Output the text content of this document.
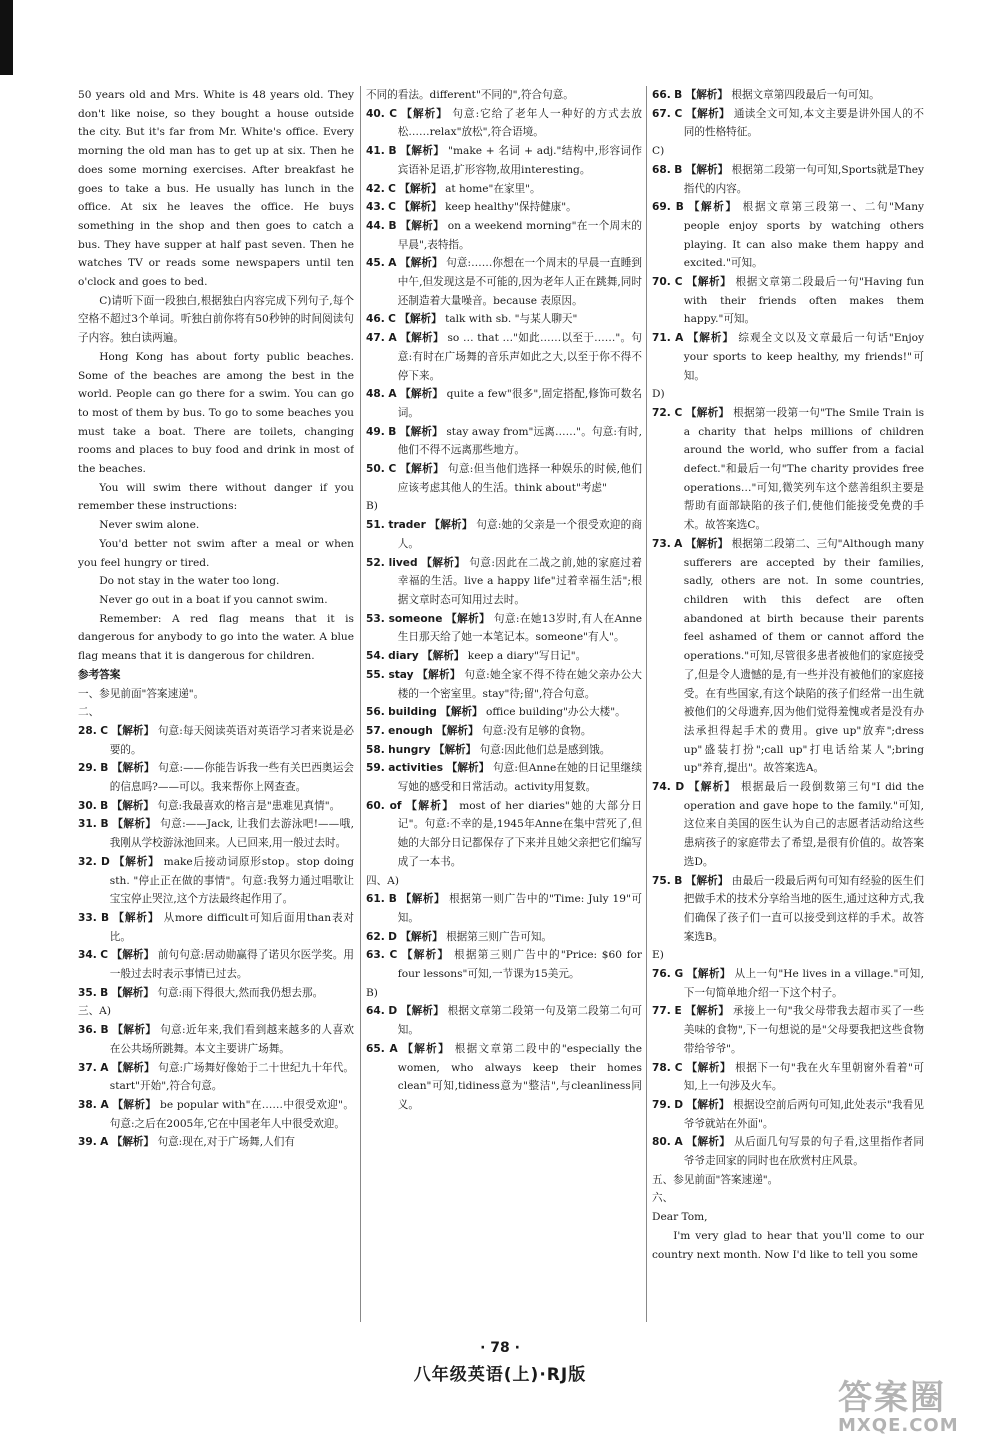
50 years old and Mrs. White is 48 years old. They don't like noise, so they bought a house outside the city. But it's far from Mr. White's office. Every morning the old man has to get up at six. Then he does some morning exercises. After breakfast he goes to take a bus. He usually has lunch in the office. At six he leaves the office. He buys something in the shop and then goes to catch a bus. They have supper at half past seven. Then he watches TV or reads some newspapers until ten o'clock and goes to bed.

C)请听下面一段独白,根据独白内容完成下列句子,每个空格不超过3个单词。听独白前你将有50秒钟的时间阅读句子内容。独白读两遍。

Hong Kong has about forty public beaches. Some of the beaches are among the best in the world. People can go there for a swim. You can go to most of them by bus. To go to some beaches you must take a boat. There are toilets, changing rooms and places to buy food and drink in most of the beaches.

You will swim there without danger if you remember these instructions:

Never swim alone.

You'd better not swim after a meal or when you feel hungry or tired.

Do not stay in the water too long.

Never go out in a boat if you cannot swim.

Remember: A red flag means that it is dangerous for anybody to go into the water. A blue flag means that it is dangerous for children.

参考答案

一、参见前面"答案速递"。

二、

28. C 【解析】 句意:每天阅读英语对英语学习者来说是必要的。

29. B 【解析】 句意:——你能告诉我一些有关巴西奥运会的信息吗?——可以。我来帮你上网查查。

30. B 【解析】 句意:我最喜欢的格言是"患难见真情"。

31. B 【解析】 句意:——Jack, 让我们去游泳吧!——哦,我刚从学校游泳池回来。人已回来,用一般过去时。

32. D 【解析】 make后接动词原形stop。stop doing sth. "停止正在做的事情"。句意:我努力通过唱歌让宝宝停止哭泣,这个方法最终起作用了。

33. B 【解析】 从more difficult可知后面用than表对比。

34. C 【解析】 前句句意:居动勋赢得了诺贝尔医学奖。用一般过去时表示事情已过去。

35. B 【解析】 句意:雨下得很大,然而我仍想去那。

三、A)

36. B 【解析】 句意:近年来,我们看到越来越多的人喜欢在公共场所跳舞。本文主要讲广场舞。

37. A 【解析】 句意:广场舞好像始于二十世纪九十年代。start"开始",符合句意。

38. A 【解析】 be popular with"在……中很受欢迎"。句意:之后在2005年,它在中国老年人中很受欢迎。

39. A 【解析】 句意:现在,对于广场舞,人们有

不同的看法。different"不同的",符合句意。

40. C 【解析】 句意:它给了老年人一种好的方式去放松……relax"放松",符合语境。

41. B 【解析】 "make + 名词 + adj."结构中,形容词作宾语补足语,扩形容物,故用interesting。

42. C 【解析】 at home"在家里"。

43. C 【解析】 keep healthy"保持健康"。

44. B 【解析】 on a weekend morning"在一个周末的早晨",表特指。

45. A 【解析】 句意:……你想在一个周末的早晨一直睡到中午,但发现这是不可能的,因为老年人正在跳舞,同时还制造着大量噪音。because 表原因。

46. C 【解析】 talk with sb. "与某人聊天"

47. A 【解析】 so … that …"如此……以至于……"。句意:有时在广场舞的音乐声如此之大,以至于你不得不停下来。

48. A 【解析】 quite a few"很多",固定搭配,修饰可数名词。

49. B 【解析】 stay away from"远离……"。句意:有时,他们不得不远离那些地方。

50. C 【解析】 句意:但当他们选择一种娱乐的时候,他们应该考虑其他人的生活。think about"考虑"

B)

51. trader 【解析】 句意:她的父亲是一个很受欢迎的商人。

52. lived 【解析】 句意:因此在二战之前,她的家庭过着幸福的生活。live a happy life"过着幸福生活";根据文章时态可知用过去时。

53. someone 【解析】 句意:在她13岁时,有人在Anne生日那天给了她一本笔记本。someone"有人"。

54. diary 【解析】 keep a diary"写日记"。

55. stay 【解析】 句意:她全家不得不待在她父亲办公大楼的一个密室里。stay"待;留",符合句意。

56. building 【解析】 office building"办公大楼"。

57. enough 【解析】 句意:没有足够的食物。

58. hungry 【解析】 句意:因此他们总是感到饿。

59. activities 【解析】 句意:但Anne在她的日记里继续写她的感受和日常活动。activity用复数。

60. of 【解析】 most of her diaries"她的大部分日记"。句意:不幸的是,1945年Anne在集中营死了,但她的大部分日记都保存了下来并且她父亲把它们编写成了一本书。

四、A)

61. B 【解析】 根据第一则广告中的"Time: July 19"可知。

62. D 【解析】 根据第三则广告可知。

63. C 【解析】 根据第三则广告中的"Price: $60 for four lessons"可知,一节课为15美元。

B)

64. D 【解析】 根据文章第二段第一句及第二段第二句可知。

65. A 【解析】 根据文章第二段中的"especially the women, who always keep their homes clean"可知,tidiness意为"整洁",与cleanliness同义。

66. B 【解析】 根据文章第四段最后一句可知。

67. C 【解析】 通读全文可知,本文主要是讲外国人的不同的性格特征。

C)

68. B 【解析】 根据第二段第一句可知,Sports就是They指代的内容。

69. B 【解析】 根据文章第三段第一、二句"Many people enjoy sports by watching others playing. It can also make them happy and excited."可知。

70. C 【解析】 根据文章第二段最后一句"Having fun with their friends often makes them happy."可知。

71. A 【解析】 综观全文以及文章最后一句话"Enjoy your sports to keep healthy, my friends!"可知。

D)

72. C 【解析】 根据第一段第一句"The Smile Train is a charity that helps millions of children around the world, who suffer from a facial defect."和最后一句"The charity provides free operations…"可知,微笑列车这个慈善组织主要是帮助有面部缺陷的孩子们,使他们能接受免费的手术。故答案选C。

73. A 【解析】 根据第二段第二、三句"Although many sufferers are accepted by their families, sadly, others are not. In some countries, children with this defect are often abandoned at birth because their parents feel ashamed of them or cannot afford the operations."可知,尽管很多患者被他们的家庭接受了,但是令人遗憾的是,有一些并没有被他们的家庭接受。在有些国家,有这个缺陷的孩子们经常一出生就被他们的父母遗弃,因为他们觉得羞愧或者是没有办法承担得起手术的费用。give up"放弃";dress up"盛装打扮";call up"打电话给某人";bring up"养育,提出"。故答案选A。

74. D 【解析】 根据最后一段倒数第三句"I did the operation and gave hope to the family."可知,这位来自美国的医生认为自己的志愿者活动给这些患病孩子的家庭带去了希望,是很有价值的。故答案选D。

75. B 【解析】 由最后一段最后两句可知有经验的医生们把做手术的技术分享给当地的医生,通过这种方式,我们确保了孩子们一直可以接受到这样的手术。故答案选B。

E)

76. G 【解析】 从上一句"He lives in a village."可知,下一句简单地介绍一下这个村子。

77. E 【解析】 承接上一句"我父母带我去超市买了一些美味的食物",下一句想说的是"父母要我把这些食物带给爷爷"。

78. C 【解析】 根据下一句"我在火车里朝窗外看着"可知,上一句涉及火车。

79. D 【解析】 根据设空前后两句可知,此处表示"我看见爷爷就站在外面"。

80. A 【解析】 从后面几句写景的句子看,这里指作者同爷爷走回家的同时也在欣赏村庄风景。

五、参见前面"答案速递"。

六、

Dear Tom,

I'm very glad to hear that you'll come to our country next month. Now I'd like to tell you some

· 78 ·
八年级英语(上)·RJ版
答案圈
MXQE.COM
